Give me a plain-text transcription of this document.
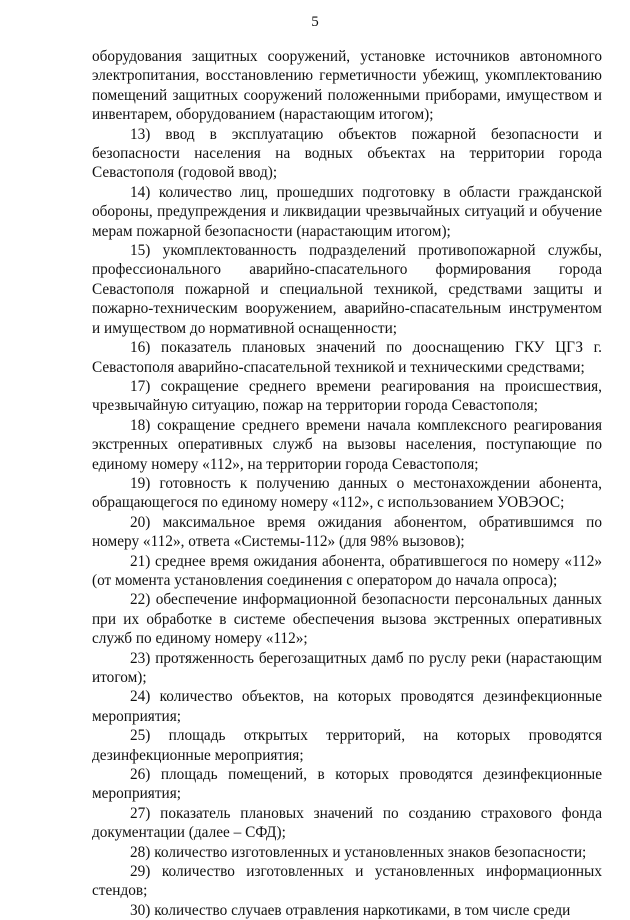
5

оборудования защитных сооружений, установке источников автономного электропитания, восстановлению герметичности убежищ, укомплектованию помещений защитных сооружений положенными приборами, имуществом и инвентарем, оборудованием (нарастающим итогом);

13) ввод в эксплуатацию объектов пожарной безопасности и безопасности населения на водных объектах на территории города Севастополя (годовой ввод);

14) количество лиц, прошедших подготовку в области гражданской обороны, предупреждения и ликвидации чрезвычайных ситуаций и обучение мерам пожарной безопасности (нарастающим итогом);

15) укомплектованность подразделений противопожарной службы, профессионального аварийно-спасательного формирования города Севастополя пожарной и специальной техникой, средствами защиты и пожарно-техническим вооружением, аварийно-спасательным инструментом и имуществом до нормативной оснащенности;

16) показатель плановых значений по дооснащению ГКУ ЦГЗ г. Севастополя аварийно-спасательной техникой и техническими средствами;

17) сокращение среднего времени реагирования на происшествия, чрезвычайную ситуацию, пожар на территории города Севастополя;

18) сокращение среднего времени начала комплексного реагирования экстренных оперативных служб на вызовы населения, поступающие по единому номеру «112», на территории города Севастополя;

19) готовность к получению данных о местонахождении абонента, обращающегося по единому номеру «112», с использованием УОВЭОС;

20) максимальное время ожидания абонентом, обратившимся по номеру «112», ответа «Системы-112» (для 98% вызовов);

21) среднее время ожидания абонента, обратившегося по номеру «112» (от момента установления соединения с оператором до начала опроса);

22) обеспечение информационной безопасности персональных данных при их обработке в системе обеспечения вызова экстренных оперативных служб по единому номеру «112»;

23) протяженность берегозащитных дамб по руслу реки (нарастающим итогом);

24) количество объектов, на которых проводятся дезинфекционные мероприятия;

25) площадь открытых территорий, на которых проводятся дезинфекционные мероприятия;

26) площадь помещений, в которых проводятся дезинфекционные мероприятия;

27) показатель плановых значений по созданию страхового фонда документации (далее – СФД);

28) количество изготовленных и установленных знаков безопасности;

29) количество изготовленных и установленных информационных стендов;

30) количество случаев отравления наркотиками, в том числе среди
